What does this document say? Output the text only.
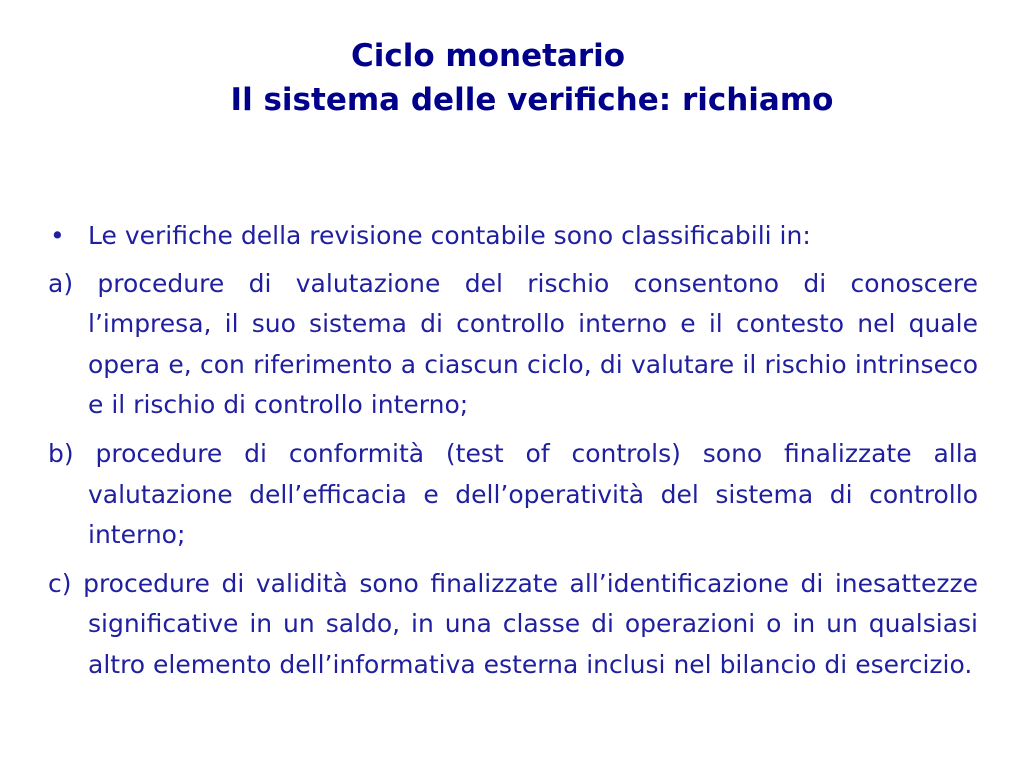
Ciclo monetario
Il sistema delle verifiche: richiamo
• Le verifiche della revisione contabile sono classificabili in:

a) procedure di valutazione del rischio consentono di conoscere l’impresa, il suo sistema di controllo interno e il contesto nel quale opera e, con riferimento a ciascun ciclo, di valutare il rischio intrinseco e il rischio di controllo interno;

b) procedure di conformità (test of controls) sono finalizzate alla valutazione dell’efficacia e dell’operatività del sistema di controllo interno;

c) procedure di validità sono finalizzate all’identificazione di inesattezze significative in un saldo, in una classe di operazioni o in un qualsiasi altro elemento dell’informativa esterna inclusi nel bilancio di esercizio.
